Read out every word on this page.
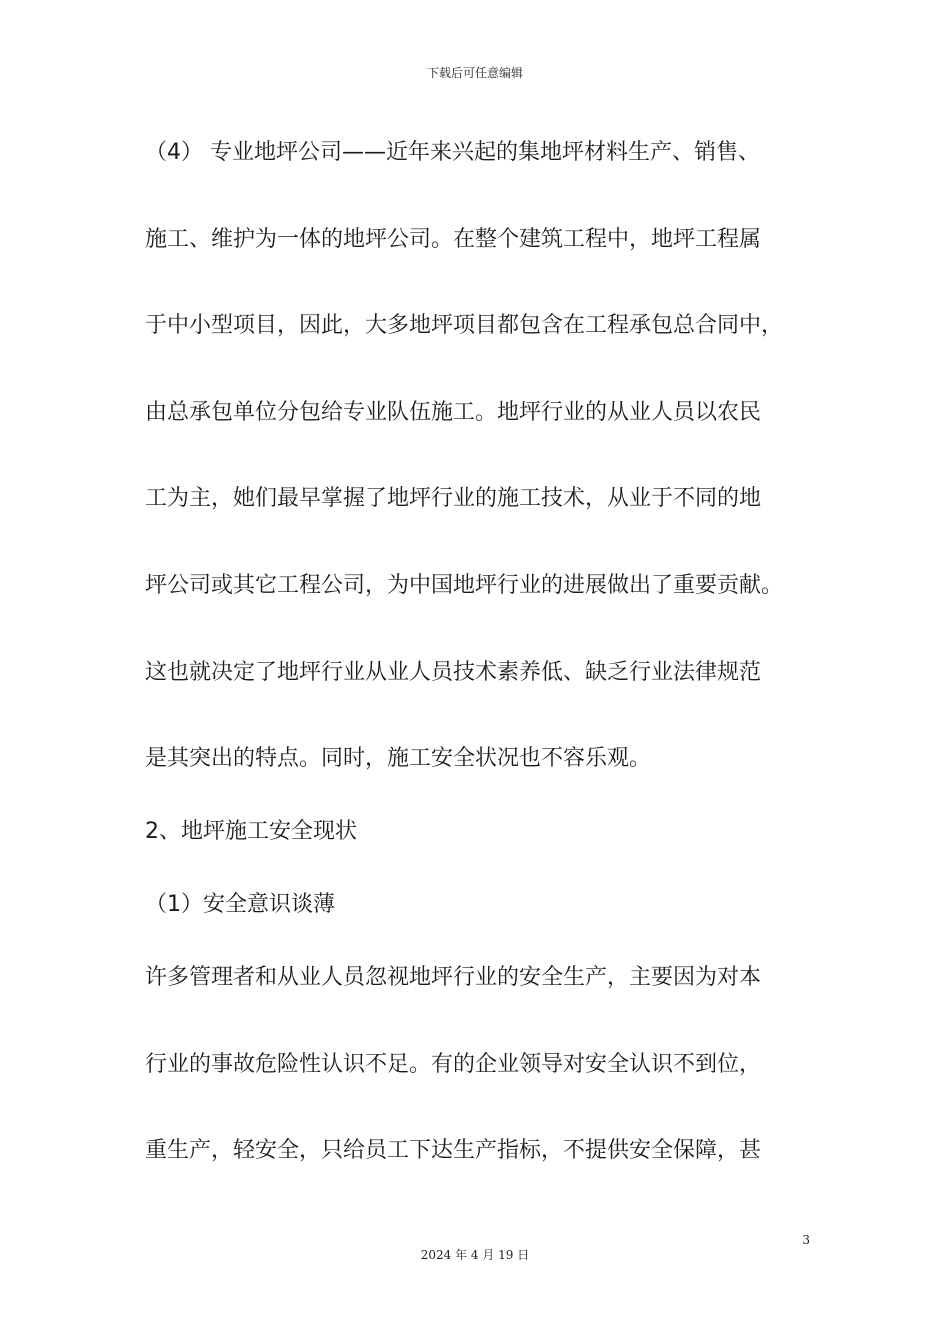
下载后可任意编辑
（4） 专业地坪公司——近年来兴起的集地坪材料生产、销售、
施工、维护为一体的地坪公司。在整个建筑工程中，地坪工程属
于中小型项目，因此，大多地坪项目都包含在工程承包总合同中，
由总承包单位分包给专业队伍施工。地坪行业的从业人员以农民
工为主，她们最早掌握了地坪行业的施工技术，从业于不同的地
坪公司或其它工程公司，为中国地坪行业的进展做出了重要贡献。
这也就决定了地坪行业从业人员技术素养低、缺乏行业法律规范
是其突出的特点。同时，施工安全状况也不容乐观。
2、地坪施工安全现状
（1）安全意识谈薄
许多管理者和从业人员忽视地坪行业的安全生产，主要因为对本
行业的事故危险性认识不足。有的企业领导对安全认识不到位，
重生产，轻安全，只给员工下达生产指标，不提供安全保障，甚
3
2024 年 4 月 19 日
